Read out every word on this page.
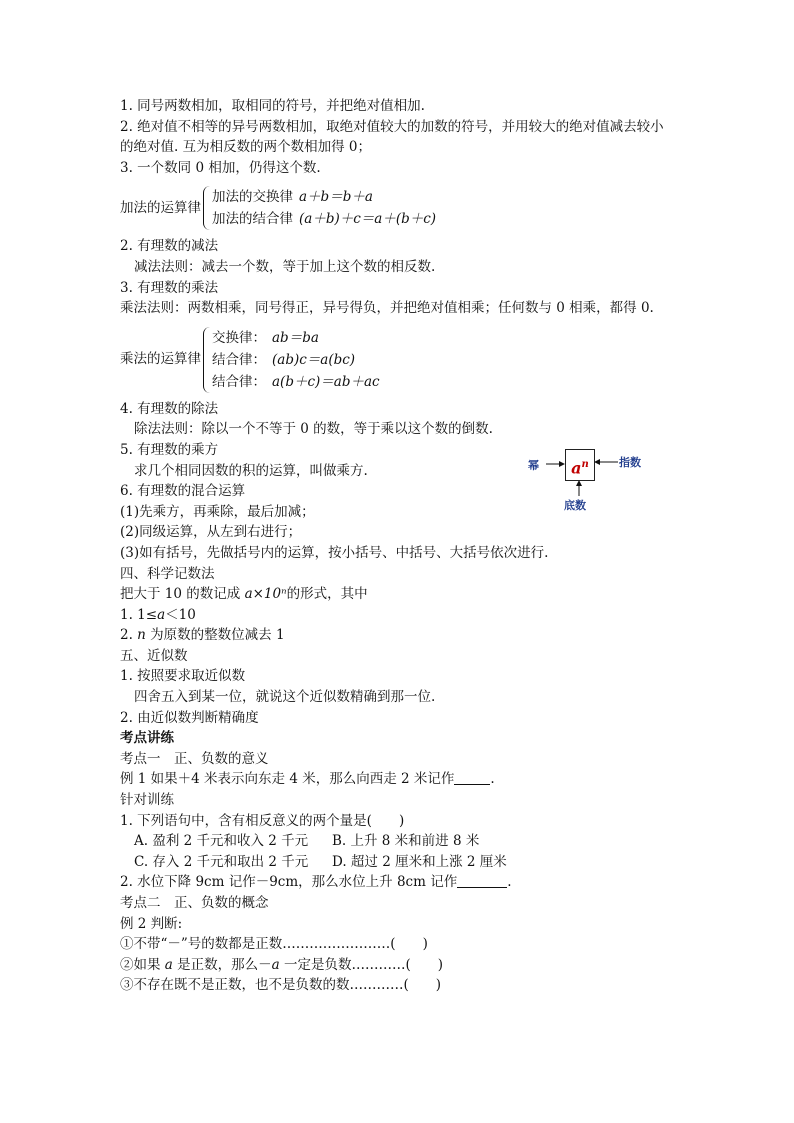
1. 同号两数相加，取相同的符号，并把绝对值相加.
2. 绝对值不相等的异号两数相加，取绝对值较大的加数的符号，并用较大的绝对值减去较小
的绝对值. 互为相反数的两个数相加得 0；
3. 一个数同 0 相加，仍得这个数.
加法的运算律
加法的交换律 a＋b＝b＋a
加法的结合律 (a＋b)＋c＝a＋(b＋c)
2. 有理数的减法
减法法则：减去一个数，等于加上这个数的相反数.
3. 有理数的乘法
乘法法则：两数相乘，同号得正，异号得负，并把绝对值相乘；任何数与 0 相乘，都得 0.
乘法的运算律
交换律： ab＝ba
结合律： (ab)c＝a(bc)
结合律： a(b＋c)＝ab＋ac
4. 有理数的除法
除法法则：除以一个不等于 0 的数，等于乘以这个数的倒数.
5. 有理数的乘方
求几个相同因数的积的运算，叫做乘方.
6. 有理数的混合运算
(1)先乘方，再乘除，最后加减；
(2)同级运算，从左到右进行；
(3)如有括号，先做括号内的运算，按小括号、中括号、大括号依次进行.
四、科学记数法
把大于 10 的数记成 a×10ⁿ的形式，其中
1. 1≤a＜10
2. n 为原数的整数位减去 1
五、近似数
1. 按照要求取近似数
四舍五入到某一位，就说这个近似数精确到那一位.
2. 由近似数判断精确度
考点讲练
考点一　正、负数的意义
例 1 如果＋4 米表示向东走 4 米，那么向西走 2 米记作	.
针对训练
1. 下列语句中，含有相反意义的两个量是(　　)
A. 盈利 2 千元和收入 2 千元 B. 上升 8 米和前进 8 米
C. 存入 2 千元和取出 2 千元 D. 超过 2 厘米和上涨 2 厘米
2. 水位下降 9cm 记作－9cm，那么水位上升 8cm 记作	.
考点二　正、负数的概念
例 2 判断:
①不带“－”号的数都是正数……………………(　　)
②如果 a 是正数，那么－a 一定是负数…………(　　)
③不存在既不是正数，也不是负数的数…………(　　)
$a^n$
幂	指数
底数
